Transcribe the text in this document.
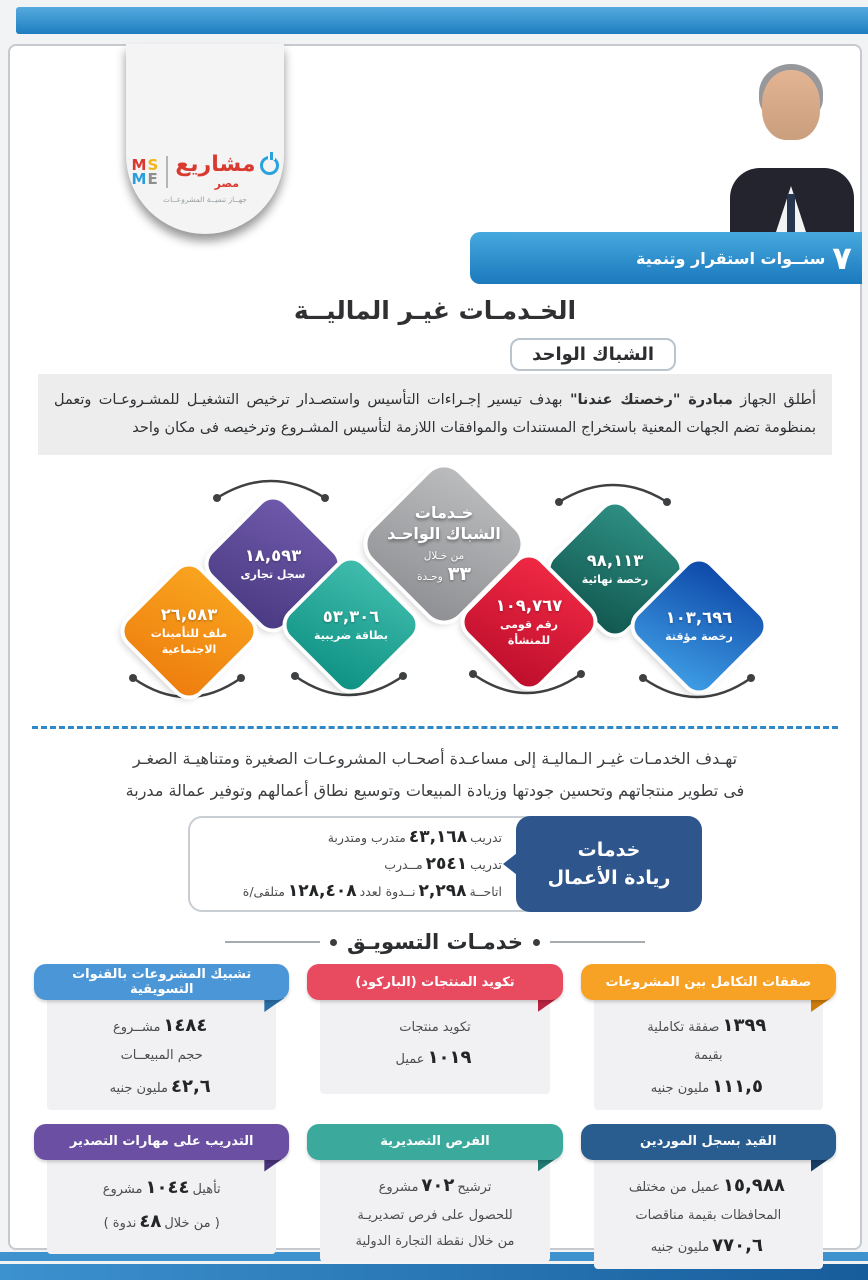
MS
ME
مشاريع
مصر
جهــاز تنميــة المشروعــات
٧
سنــوات استقرار وتنمية
الخـدمـات غيـر الماليــة
الشباك الواحد
أطلق الجهاز مبادرة "رخصتك عندنا" بهدف تيسير إجـراءات التأسيس واستصـدار ترخيص التشغيـل للمشـروعـات وتعمل بمنظومة تضم الجهات المعنية باستخراج المستندات والموافقات اللازمة لتأسيس المشـروع وترخيصه فى مكان واحد
خـدمات
الشباك الواحـد
من خـلال
٣٣ وحـدة
٩٨,١١٣
رخصة نهائية
١٠٣,٦٩٦
رخصة مؤقتة
١٠٩,٧٦٧
رقم قومى للمنشأة
١٨,٥٩٣
سجل تجارى
٥٣,٣٠٦
بطاقة ضريبية
٢٦,٥٨٣
ملف للتأمينات الاجتماعية
تهـدف الخدمـات غيـر الـماليـة إلى مساعـدة أصحـاب المشروعـات الصغيرة ومتناهيـة الصغـر
فى تطوير منتجاتهم وتحسين جودتها وزيادة المبيعات وتوسيع نطاق أعمالهم وتوفير عمالة مدربة
تدريب٤٣,١٦٨متدرب ومتدربة
تدريب٢٥٤١مــدرب
اتاحــة٢,٢٩٨نــدوة لعدد١٢٨,٤٠٨متلقى/ة
خدمات
ريادة الأعمال
خدمـات التسويـق
صفقات التكامل بين المشروعات
١٣٩٩صفقة تكاملية
بقيمة
١١١,٥مليون جنيه
تكويد المنتجات (الباركود)
تكويد منتجات
١٠١٩عميل
تشبيك المشروعات بالقنوات التسويقية
١٤٨٤مشــروع
حجم المبيعــات
٤٢,٦مليون جنيه
القيد بسجل الموردين
١٥,٩٨٨عميل من مختلف
المحافظات بقيمة مناقصات
٧٧٠,٦مليون جنيه
الفرص التصديرية
ترشيح٧٠٢مشروع
للحصول على فرص تصديريـة
من خلال نقطة التجارة الدولية
التدريب على مهارات التصدير
تأهيل١٠٤٤مشروع
( من خلال٤٨ندوة )
